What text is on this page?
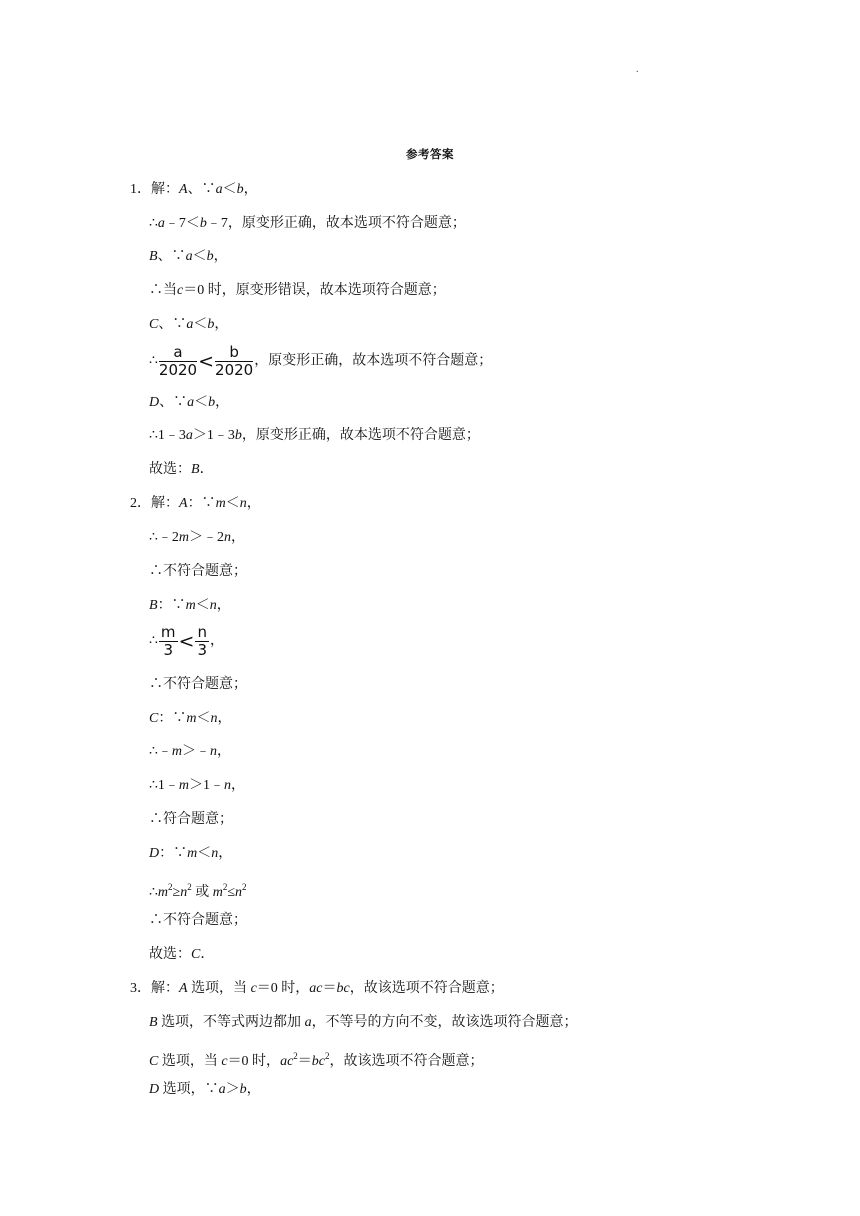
.
参考答案
1．解：A、∵a＜b，
∴a﹣7＜b﹣7，原变形正确，故本选项不符合题意；
B、∵a＜b，
∴当c＝0 时，原变形错误，故本选项符合题意；
C、∵a＜b，
∴ $\frac{a}{2020} < \frac{b}{2020}$ ，原变形正确，故本选项不符合题意；
D、∵a＜b，
∴1﹣3a＞1﹣3b，原变形正确，故本选项不符合题意；
故选：B．
2．解：A：∵m＜n，
∴﹣2m＞﹣2n，
∴不符合题意；
B：∵m＜n，
∴ $\frac{m}{3} < \frac{n}{3}$ ，
∴不符合题意；
C：∵m＜n，
∴﹣m＞﹣n，
∴1﹣m＞1﹣n，
∴符合题意；
D：∵m＜n，
$\therefore m^2\ge n^2$ 或 $m^2\le n^2$
∴不符合题意；
故选：C．
3．解：A 选项，当 c＝0 时，ac＝bc，故该选项不符合题意；
B 选项，不等式两边都加 a，不等号的方向不变，故该选项符合题意；
C 选项，当 c＝0 时，$ac^2=bc^2$，故该选项不符合题意；
D 选项，∵a＞b，
